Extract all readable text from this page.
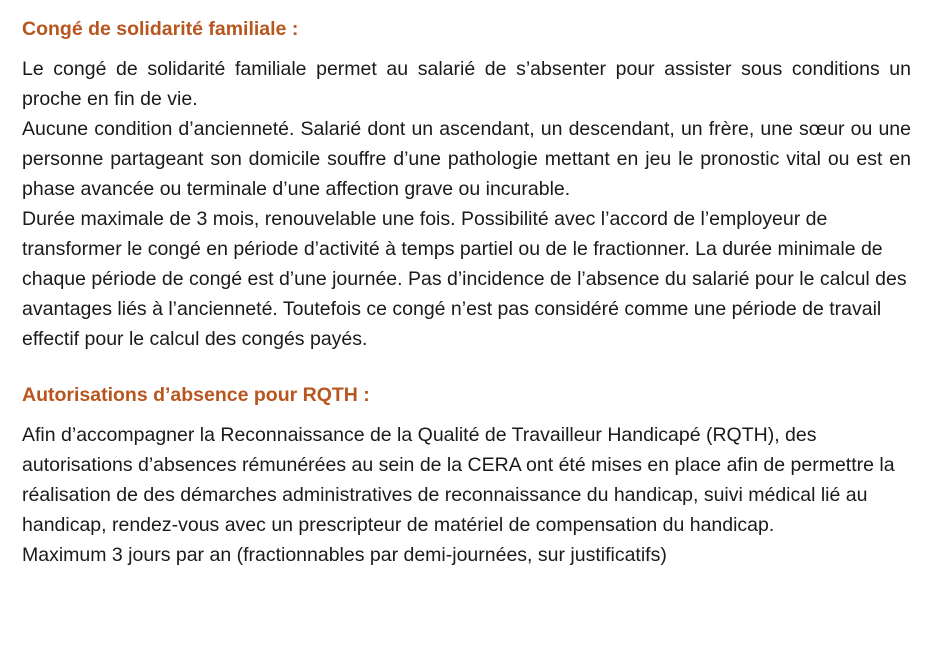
Congé de solidarité familiale :

Le congé de solidarité familiale permet au salarié de s’absenter pour assister sous conditions un proche en fin de vie.

Aucune condition d’ancienneté. Salarié dont un ascendant, un descendant, un frère, une sœur ou une personne partageant son domicile souffre d’une pathologie mettant en jeu le pronostic vital ou est en phase avancée ou terminale d’une affection grave ou incurable.

Durée maximale de 3 mois, renouvelable une fois. Possibilité avec l’accord de l’employeur de transformer le congé en période d’activité à temps partiel ou de le fractionner. La durée minimale de chaque période de congé est d’une journée. Pas d’incidence de l’absence du salarié pour le calcul des avantages liés à l’ancienneté. Toutefois ce congé n’est pas considéré comme une période de travail effectif pour le calcul des congés payés.

Autorisations d’absence pour RQTH :

Afin d’accompagner la Reconnaissance de la Qualité de Travailleur Handicapé (RQTH), des autorisations d’absences rémunérées au sein de la CERA ont été mises en place afin de permettre la réalisation de des démarches administratives de reconnaissance du handicap, suivi médical lié au handicap, rendez-vous avec un prescripteur de matériel de compensation du handicap.

Maximum 3 jours par an (fractionnables par demi-journées, sur justificatifs)
